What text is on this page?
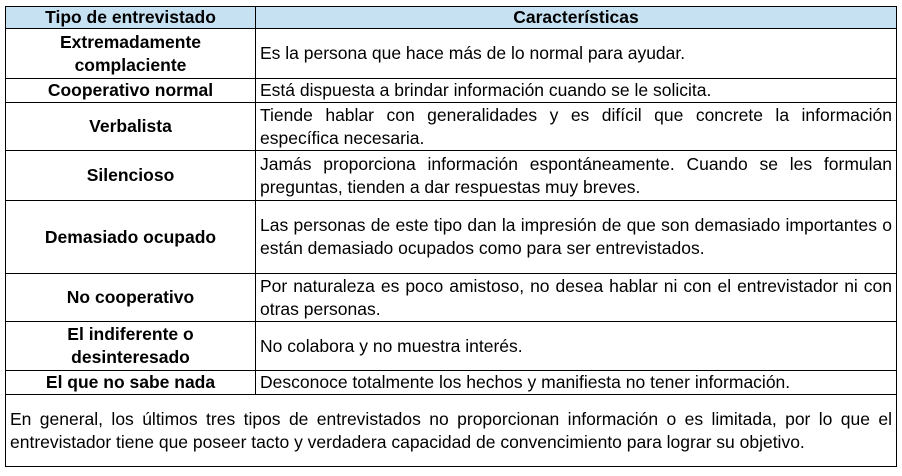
Tipo de entrevistado	Características
Extremadamente complaciente	Es la persona que hace más de lo normal para ayudar.
Cooperativo normal	Está dispuesta a brindar información cuando se le solicita.
Verbalista	Tiende hablar con generalidades y es difícil que concrete la información específica necesaria.
Silencioso	Jamás proporciona información espontáneamente. Cuando se les formulan preguntas, tienden a dar respuestas muy breves.
Demasiado ocupado	Las personas de este tipo dan la impresión de que son demasiado importantes o están demasiado ocupados como para ser entrevistados.
No cooperativo	Por naturaleza es poco amistoso, no desea hablar ni con el entrevistador ni con otras personas.
El indiferente o desinteresado	No colabora y no muestra interés.
El que no sabe nada	Desconoce totalmente los hechos y manifiesta no tener información.
En general, los últimos tres tipos de entrevistados no proporcionan información o es limitada, por lo que el entrevistador tiene que poseer tacto y verdadera capacidad de convencimiento para lograr su objetivo.	
